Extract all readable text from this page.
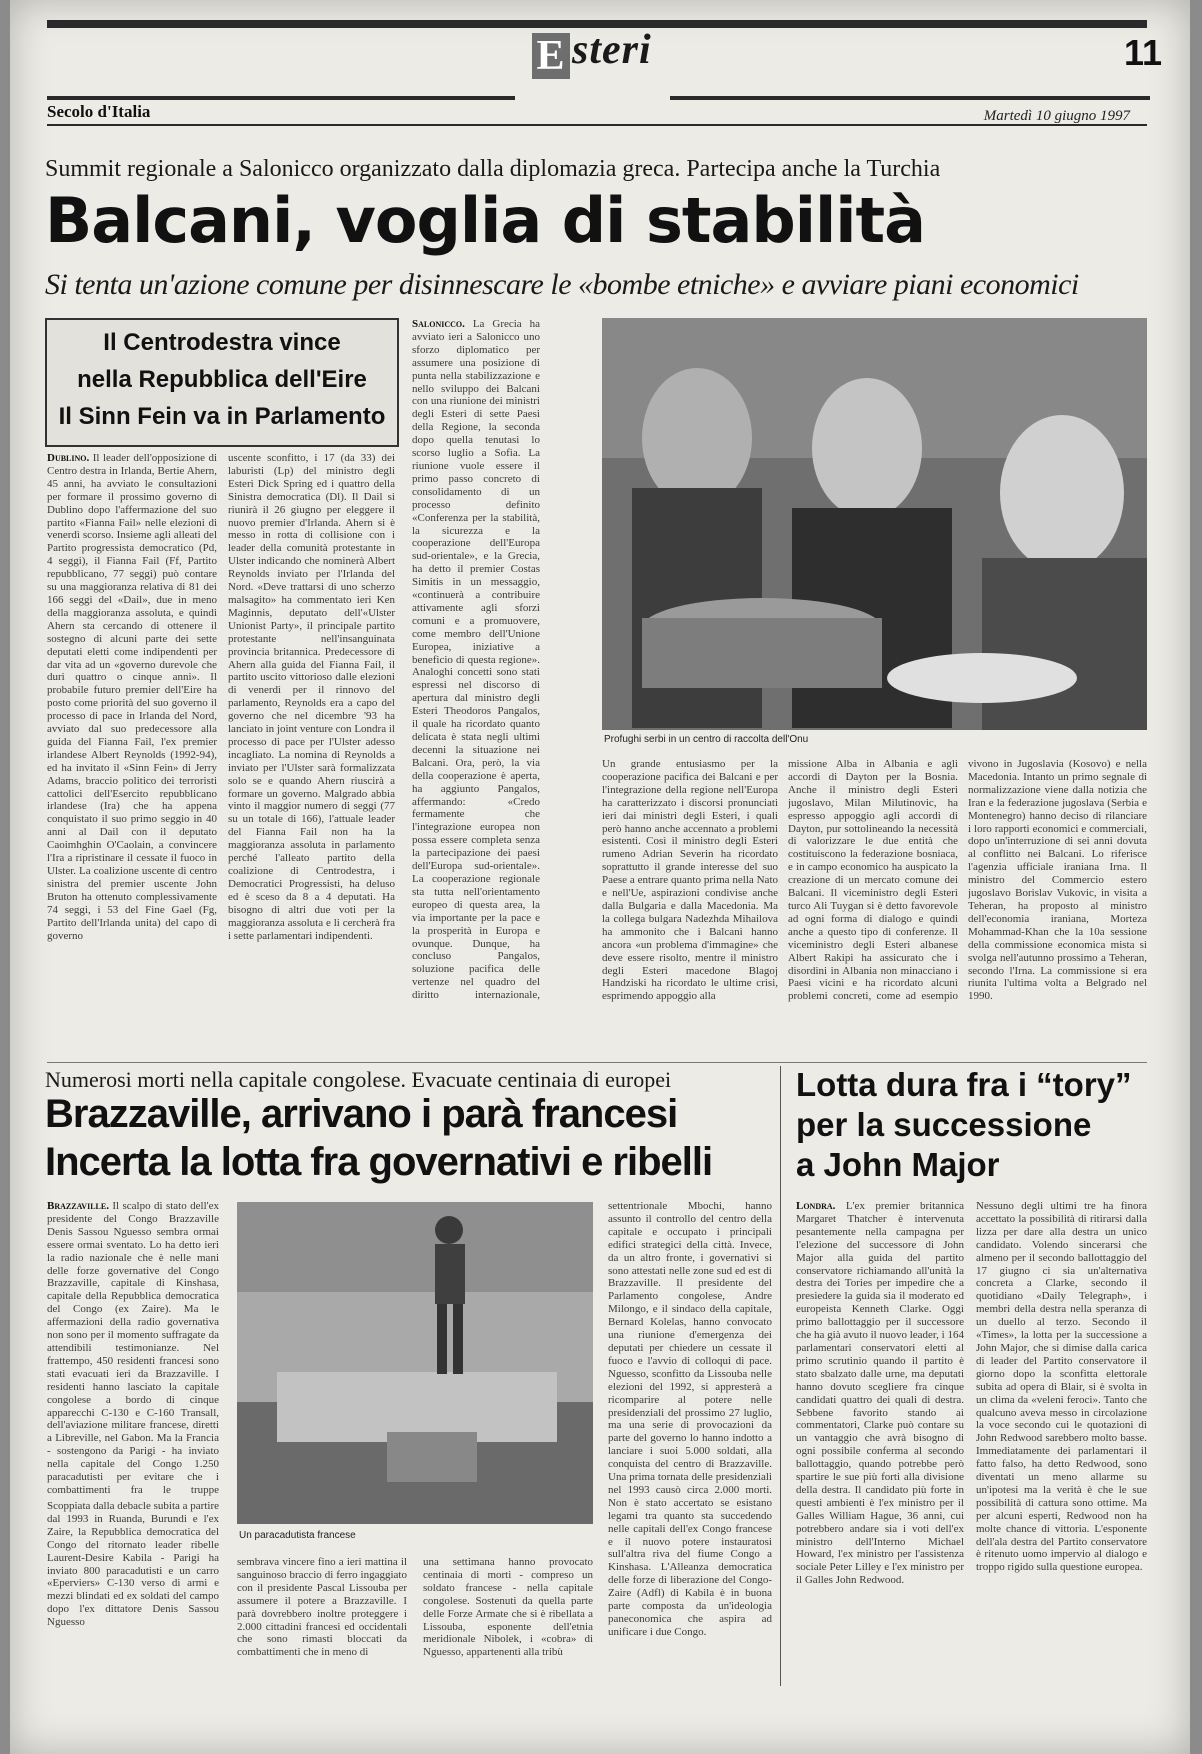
E steri	11
Secolo d'Italia	Martedì 10 giugno 1997
Summit regionale a Salonicco organizzato dalla diplomazia greca. Partecipa anche la Turchia
Balcani, voglia di stabilità
Si tenta un'azione comune per disinnescare le «bombe etniche» e avviare piani economici
Il Centrodestra vince
nella Repubblica dell'Eire
Il Sinn Fein va in Parlamento
Dublino. Il leader dell'opposizione di Centro destra in Irlanda, Bertie Ahern, 45 anni, ha avviato le consultazioni per formare il prossimo governo di Dublino dopo l'affermazione del suo partito «Fianna Fail» nelle elezioni di venerdì scorso. Insieme agli alleati del Partito progressista democratico (Pd, 4 seggi), il Fianna Fail (Ff, Partito repubblicano, 77 seggi) può contare su una maggioranza relativa di 81 dei 166 seggi del «Dail», due in meno della maggioranza assoluta, e quindi Ahern sta cercando di ottenere il sostegno di alcuni parte dei sette deputati eletti come indipendenti per dar vita ad un «governo durevole che duri quattro o cinque anni». Il probabile futuro premier dell'Eire ha posto come priorità del suo governo il processo di pace in Irlanda del Nord, avviato dal suo predecessore alla guida del Fianna Fail, l'ex premier irlandese Albert Reynolds (1992-94), ed ha invitato il «Sinn Fein» di Jerry Adams, braccio politico dei terroristi cattolici dell'Esercito repubblicano irlandese (Ira) che ha appena conquistato il suo primo seggio in 40 anni al Dail con il deputato Caoimhghin O'Caolain, a convincere l'Ira a ripristinare il cessate il fuoco in Ulster. La coalizione uscente di centro sinistra del premier uscente John Bruton ha ottenuto complessivamente 74 seggi, i 53 del Fine Gael (Fg, Partito dell'Irlanda unita) del capo di governo
uscente sconfitto, i 17 (da 33) dei laburisti (Lp) del ministro degli Esteri Dick Spring ed i quattro della Sinistra democratica (Dl). Il Dail si riunirà il 26 giugno per eleggere il nuovo premier d'Irlanda. Ahern si è messo in rotta di collisione con i leader della comunità protestante in Ulster indicando che nominerà Albert Reynolds inviato per l'Irlanda del Nord. «Deve trattarsi di uno scherzo malsagito» ha commentato ieri Ken Maginnis, deputato dell'«Ulster Unionist Party», il principale partito protestante nell'insanguinata provincia britannica. Predecessore di Ahern alla guida del Fianna Fail, il partito uscito vittorioso dalle elezioni di venerdì per il rinnovo del parlamento, Reynolds era a capo del governo che nel dicembre '93 ha lanciato in joint venture con Londra il processo di pace per l'Ulster adesso incagliato. La nomina di Reynolds a inviato per l'Ulster sarà formalizzata solo se e quando Ahern riuscirà a formare un governo. Malgrado abbia vinto il maggior numero di seggi (77 su un totale di 166), l'attuale leader del Fianna Fail non ha la maggioranza assoluta in parlamento perché l'alleato partito della coalizione di Centrodestra, i Democratici Progressisti, ha deluso ed è sceso da 8 a 4 deputati. Ha bisogno di altri due voti per la maggioranza assoluta e li cercherà fra i sette parlamentari indipendenti.
Salonicco. La Grecia ha avviato ieri a Salonicco uno sforzo diplomatico per assumere una posizione di punta nella stabilizzazione e nello sviluppo dei Balcani con una riunione dei ministri degli Esteri di sette Paesi della Regione, la seconda dopo quella tenutasi lo scorso luglio a Sofia. La riunione vuole essere il primo passo concreto di consolidamento di un processo definito «Conferenza per la stabilità, la sicurezza e la cooperazione dell'Europa sud-orientale», e la Grecia, ha detto il premier Costas Simitis in un messaggio, «continuerà a contribuire attivamente agli sforzi comuni e a promuovere, come membro dell'Unione Europea, iniziative a beneficio di questa regione». Analoghi concetti sono stati espressi nel discorso di apertura dal ministro degli Esteri Theodoros Pangalos, il quale ha ricordato quanto delicata è stata negli ultimi decenni la situazione nei Balcani. Ora, però, la via della cooperazione è aperta, ha aggiunto Pangalos, affermando: «Credo fermamente che l'integrazione europea non possa essere completa senza la partecipazione dei paesi dell'Europa sud-orientale». La cooperazione regionale sta tutta nell'orientamento europeo di questa area, la via importante per la pace e la prosperità in Europa e ovunque. Dunque, ha concluso Pangalos, soluzione pacifica delle vertenze nel quadro del diritto internazionale,
Profughi serbi in un centro di raccolta dell'Onu
Un grande entusiasmo per la cooperazione pacifica dei Balcani e per l'integrazione della regione nell'Europa ha caratterizzato i discorsi pronunciati ieri dai ministri degli Esteri, i quali però hanno anche accennato a problemi esistenti. Così il ministro degli Esteri rumeno Adrian Severin ha ricordato soprattutto il grande interesse del suo Paese a entrare quanto prima nella Nato e nell'Ue, aspirazioni condivise anche dalla Bulgaria e dalla Macedonia. Ma la collega bulgara Nadezhda Mihailova ha ammonito che i Balcani hanno ancora «un problema d'immagine» che deve essere risolto, mentre il ministro degli Esteri macedone Blagoj Handziski ha ricordato le ultime crisi, esprimendo appoggio alla
missione Alba in Albania e agli accordi di Dayton per la Bosnia. Anche il ministro degli Esteri jugoslavo, Milan Milutinovic, ha espresso appoggio agli accordi di Dayton, pur sottolineando la necessità di valorizzare le due entità che costituiscono la federazione bosniaca, e in campo economico ha auspicato la creazione di un mercato comune dei Balcani. Il viceministro degli Esteri turco Ali Tuygan si è detto favorevole ad ogni forma di dialogo e quindi anche a questo tipo di conferenze. Il viceministro degli Esteri albanese Albert Rakipi ha assicurato che i disordini in Albania non minacciano i Paesi vicini e ha ricordato alcuni problemi concreti, come ad esempio
vivono in Jugoslavia (Kosovo) e nella Macedonia. Intanto un primo segnale di normalizzazione viene dalla notizia che Iran e la federazione jugoslava (Serbia e Montenegro) hanno deciso di rilanciare i loro rapporti economici e commerciali, dopo un'interruzione di sei anni dovuta al conflitto nei Balcani. Lo riferisce l'agenzia ufficiale iraniana Irna. Il ministro del Commercio estero jugoslavo Borislav Vukovic, in visita a Teheran, ha proposto al ministro dell'economia iraniana, Morteza Mohammad-Khan che la 10a sessione della commissione economica mista si svolga nell'autunno prossimo a Teheran, secondo l'Irna. La commissione si era riunita l'ultima volta a Belgrado nel 1990.
Numerosi morti nella capitale congolese. Evacuate centinaia di europei
Brazzaville, arrivano i parà francesi
Incerta la lotta fra governativi e ribelli
Brazzaville. Il scalpo di stato dell'ex presidente del Congo Brazzaville Denis Sassou Nguesso sembra ormai essere ormai sventato. Lo ha detto ieri la radio nazionale che è nelle mani delle forze governative del Congo Brazzaville, capitale di Kinshasa, capitale della Repubblica democratica del Congo (ex Zaire). Ma le affermazioni della radio governativa non sono per il momento suffragate da attendibili testimonianze. Nel frattempo, 450 residenti francesi sono stati evacuati ieri da Brazzaville. I residenti hanno lasciato la capitale congolese a bordo di cinque apparecchi C-130 e C-160 Transall, dell'aviazione militare francese, diretti a Libreville, nel Gabon. Ma la Francia - sostengono da Parigi - ha inviato nella capitale del Congo 1.250 paracadutisti per evitare che i combattimenti fra le truppe
Scoppiata dalla debacle subita a partire dal 1993 in Ruanda, Burundi e l'ex Zaire, la Repubblica democratica del Congo del ritornato leader ribelle Laurent-Desire Kabila - Parigi ha inviato 800 paracadutisti e un carro «Eperviers» C-130 verso di armi e mezzi blindati ed ex soldati del campo dopo l'ex dittatore Denis Sassou Nguesso
Un paracadutista francese
sembrava vincere fino a ieri mattina il sanguinoso braccio di ferro ingaggiato con il presidente Pascal Lissouba per assumere il potere a Brazzaville. I parà dovrebbero inoltre proteggere i 2.000 cittadini francesi ed occidentali che sono rimasti bloccati da combattimenti che in meno di
una settimana hanno provocato centinaia di morti - compreso un soldato francese - nella capitale congolese. Sostenuti da quella parte delle Forze Armate che si è ribellata a Lissouba, esponente dell'etnia meridionale Nibolek, i «cobra» di Nguesso, appartenenti alla tribù
settentrionale Mbochi, hanno assunto il controllo del centro della capitale e occupato i principali edifici strategici della città. Invece, da un altro fronte, i governativi si sono attestati nelle zone sud ed est di Brazzaville. Il presidente del Parlamento congolese, Andre Milongo, e il sindaco della capitale, Bernard Kolelas, hanno convocato una riunione d'emergenza dei deputati per chiedere un cessate il fuoco e l'avvio di colloqui di pace. Nguesso, sconfitto da Lissouba nelle elezioni del 1992, si appresterà a ricomparire al potere nelle presidenziali del prossimo 27 luglio, ma una serie di provocazioni da parte del governo lo hanno indotto a lanciare i suoi 5.000 soldati, alla conquista del centro di Brazzaville. Una prima tornata delle presidenziali nel 1993 causò circa 2.000 morti. Non è stato accertato se esistano legami tra quanto sta succedendo nelle capitali dell'ex Congo francese e il nuovo potere instauratosi sull'altra riva del fiume Congo a Kinshasa. L'Alleanza democratica delle forze di liberazione del Congo-Zaire (Adfl) di Kabila è in buona parte composta da un'ideologia paneconomica che aspira ad unificare i due Congo.
Lotta dura fra i “tory”
per la successione
a John Major
Londra. L'ex premier britannica Margaret Thatcher è intervenuta pesantemente nella campagna per l'elezione del successore di John Major alla guida del partito conservatore richiamando all'unità la destra dei Tories per impedire che a presiedere la guida sia il moderato ed europeista Kenneth Clarke. Oggi primo ballottaggio per il successore che ha già avuto il nuovo leader, i 164 parlamentari conservatori eletti al primo scrutinio quando il partito è stato sbalzato dalle urne, ma deputati hanno dovuto scegliere fra cinque candidati quattro dei quali di destra. Sebbene favorito stando ai commentatori, Clarke può contare su un vantaggio che avrà bisogno di ogni possibile conferma al secondo ballottaggio, quando potrebbe però spartire le sue più forti alla divisione della destra. Il candidato più forte in questi ambienti è l'ex ministro per il Galles William Hague, 36 anni, cui potrebbero andare sia i voti dell'ex ministro dell'Interno Michael Howard, l'ex ministro per l'assistenza sociale Peter Lilley e l'ex ministro per il Galles John Redwood.
Nessuno degli ultimi tre ha finora accettato la possibilità di ritirarsi dalla lizza per dare alla destra un unico candidato. Volendo sincerarsi che almeno per il secondo ballottaggio del 17 giugno ci sia un'alternativa concreta a Clarke, secondo il quotidiano «Daily Telegraph», i membri della destra nella speranza di un duello al terzo. Secondo il «Times», la lotta per la successione a John Major, che si dimise dalla carica di leader del Partito conservatore il giorno dopo la sconfitta elettorale subita ad opera di Blair, si è svolta in un clima da «veleni feroci». Tanto che qualcuno aveva messo in circolazione la voce secondo cui le quotazioni di John Redwood sarebbero molto basse. Immediatamente dei parlamentari il fatto falso, ha detto Redwood, sono diventati un meno allarme su un'ipotesi ma la verità è che le sue possibilità di cattura sono ottime. Ma per alcuni esperti, Redwood non ha molte chance di vittoria. L'esponente dell'ala destra del Partito conservatore è ritenuto uomo impervio al dialogo e troppo rigido sulla questione europea.
